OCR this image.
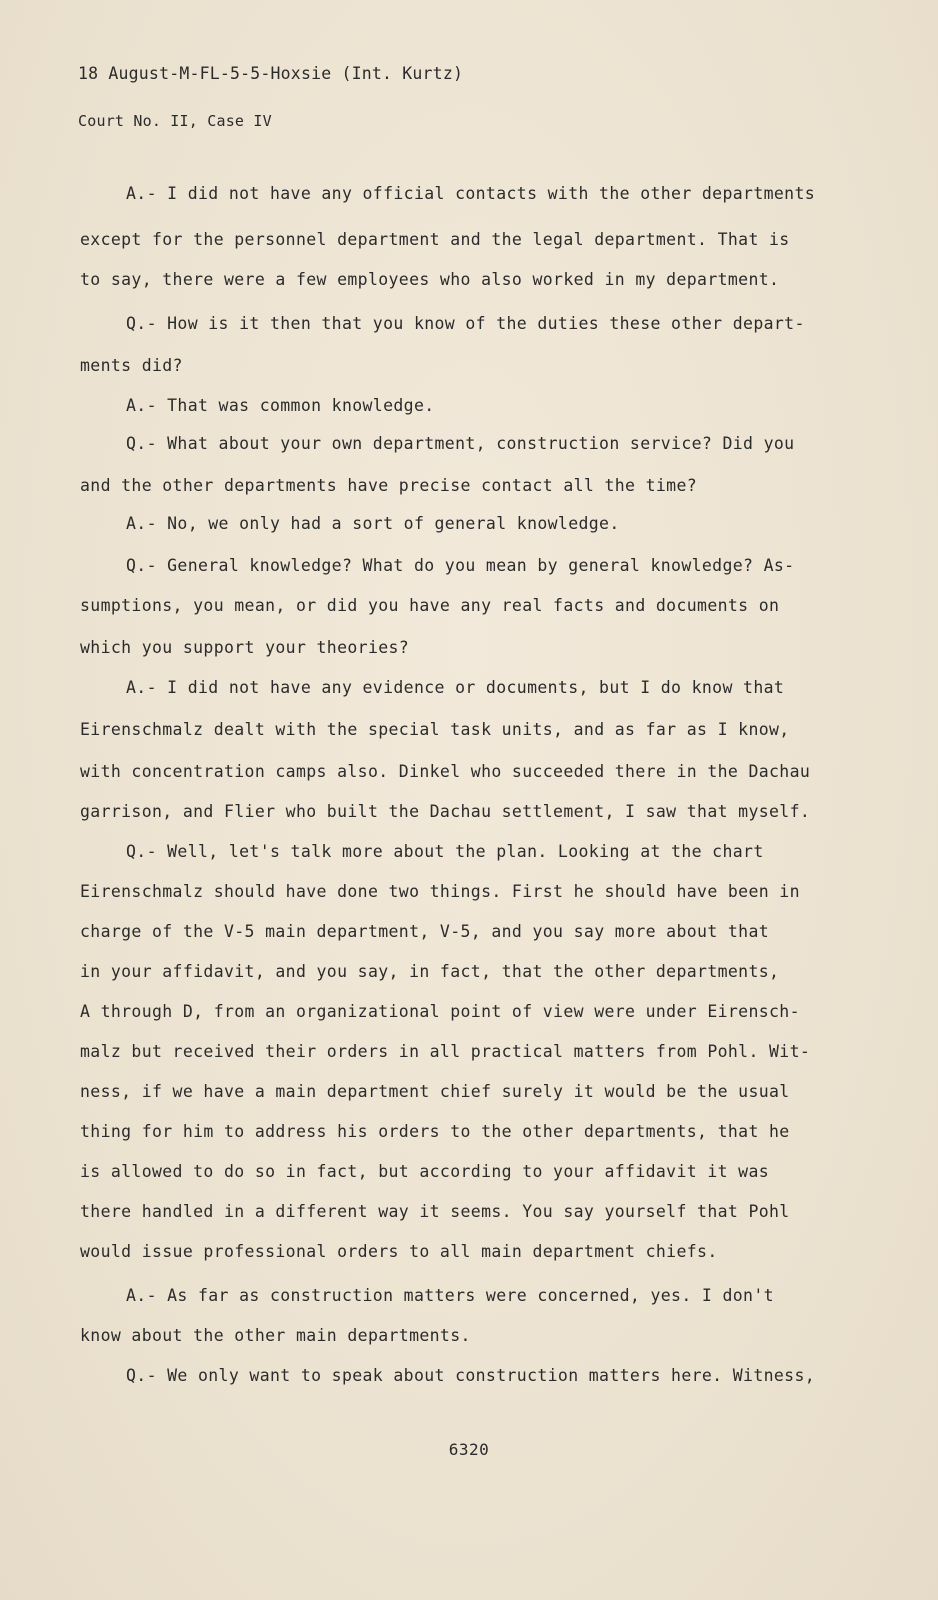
18 August-M-FL-5-5-Hoxsie (Int. Kurtz)
Court No. II, Case IV
A.- I did not have any official contacts with the other departments
except for the personnel department and the legal department. That is
to say, there were a few employees who also worked in my department.
Q.- How is it then that you know of the duties these other depart-
ments did?
A.- That was common knowledge.
Q.- What about your own department, construction service? Did you
and the other departments have precise contact all the time?
A.- No, we only had a sort of general knowledge.
Q.- General knowledge? What do you mean by general knowledge? As-
sumptions, you mean, or did you have any real facts and documents on
which you support your theories?
A.- I did not have any evidence or documents, but I do know that
Eirenschmalz dealt with the special task units, and as far as I know,
with concentration camps also. Dinkel who succeeded there in the Dachau
garrison, and Flier who built the Dachau settlement, I saw that myself.
Q.- Well, let's talk more about the plan. Looking at the chart
Eirenschmalz should have done two things. First he should have been in
charge of the V-5 main department, V-5, and you say more about that
in your affidavit, and you say, in fact, that the other departments,
A through D, from an organizational point of view were under Eirensch-
malz but received their orders in all practical matters from Pohl. Wit-
ness, if we have a main department chief surely it would be the usual
thing for him to address his orders to the other departments, that he
is allowed to do so in fact, but according to your affidavit it was
there handled in a different way it seems. You say yourself that Pohl
would issue professional orders to all main department chiefs.
A.- As far as construction matters were concerned, yes. I don't
know about the other main departments.
Q.- We only want to speak about construction matters here. Witness,
6320
